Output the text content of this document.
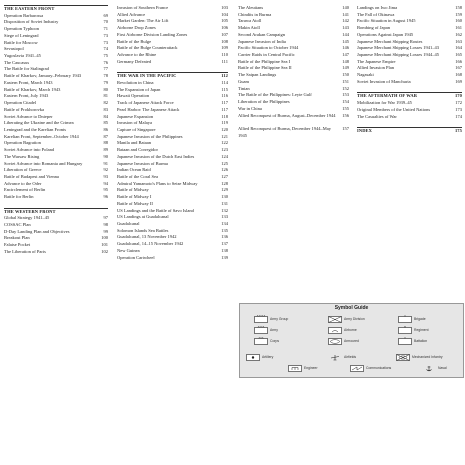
THE EASTERN FRONT
Operation Barbarossa	69
Disposition of Soviet Industry	70
Operation Typhoon	71
Siege of Leningrad	73
Battle for Moscow	73
Sevastopol	74
Yugoslavia 1941–45	75
The Caucasus	76
The Battle for Stalingrad	77
Battle of Kharkov, January–February 1943	78
Eastern Front, March 1943	79
Battle of Kharkov, March 1943	80
Eastern Front, July 1943	81
Operation Citadel	82
Battle of Prokhorovka	83
Soviet Advance to Dnieper	84
Liberating the Ukraine and the Crimea	85
Leningrad and the Karelian Fronts	86
Karelian Front, September–October 1944	87
Operation Bagration	88
Soviet Advance into Poland	89
The Warsaw Rising	90
Soviet Advance into Romania and Hungary	91
Liberation of Greece	92
Battle of Budapest and Vienna	93
Advance to the Oder	94
Encirclement of Berlin	95
Battle for Berlin	96
THE WESTERN FRONT
Global Strategy 1941–45	97
COSSAC Plan	98
D-Day Landing Plan and Objectives	99
Breakout Plan	100
Falaise Pocket	101
The Liberation of Paris	102
Invasion of Southern France	103
Allied Advance	104
Market Garden: The Air Lift	105
Airborne Drop Zones	106
First Airborne Division Landing Zones	107
Battle of the Bulge	108
Battle of the Bulge Counterattack	109
Advance to the Rhine	110
Germany Defeated	111
THE WAR IN THE PACIFIC	112
Revolution in China	114
The Expansion of Japan	115
Hawaii Operation	116
Track of Japanese Attack Force	117
Pearl Harbor: The Japanese Attack	117
Japanese Expansion	118
Invasion of Malaya	119
Capture of Singapore	120
Japanese Invasion of the Philippines	121
Manila and Bataan	122
Bataan and Corregidor	123
Japanese Invasion of the Dutch East Indies	124
Japanese Invasion of Burma	125
Indian Ocean Raid	126
Battle of the Coral Sea	127
Admiral Yamamoto's Plans to Seize Midway	128
Battle of Midway	129
Battle of Midway I	130
Battle of Midway II	131
US Landings and the Battle of Savo Island	132
US Landings at Guadalcanal	133
Guadalcanal	134
Solomon Islands Sea Battles	135
Guadalcanal, 13 November 1942	136
Guadalcanal, 14–15 November 1942	137
New Guinea	138
Operation Cartwheel	139
The Aleutians	140
Chindits in Burma	141
Tarawa Atoll	142
Makin Atoll	143
Second Arakan Campaign	144
Japanese Invasion of India	145
Pacific Situation to October 1944	146
Carrier Raids in Central Pacific	147
Battle of the Philippine Sea I	148
Battle of the Philippine Sea II	149
The Saipan Landings	150
Guam	151
Tinian	152
The Battle of the Philippines: Leyte Gulf	153
Liberation of the Philippines	154
War in China	155
Allied Reconquest of Burma, August–December 1944	156
Allied Reconquest of Burma, December 1944–May 1945
157
Landings on Iwo Jima	158
The Fall of Okinawa	159
Pacific Situation in August 1945	160
Bombing of Japan	161
Operations Against Japan 1945	162
Japanese Merchant Shipping Routes	163
Japanese Merchant Shipping Losses 1941–43	164
Japanese Merchant Shipping Losses 1944–45	165
The Japanese Empire	166
Allied Invasion Plan	167
Nagasaki	168
Soviet Invasion of Manchuria	169
THE AFTERMATH OF WAR	170
Mobilization for War 1939–45	172
Original Members of the United Nations	173
The Casualties of War	174
INDEX	175
Symbol Guide
XXXXX
Army Group
XXXX
Army
XXX
Corps
Army Division
Airborne
Armoured
X
Brigade
III
Regiment
II
Battalion
Artillery
Engineer
Airfields
Communications
Mechanized Infantry
Naval
